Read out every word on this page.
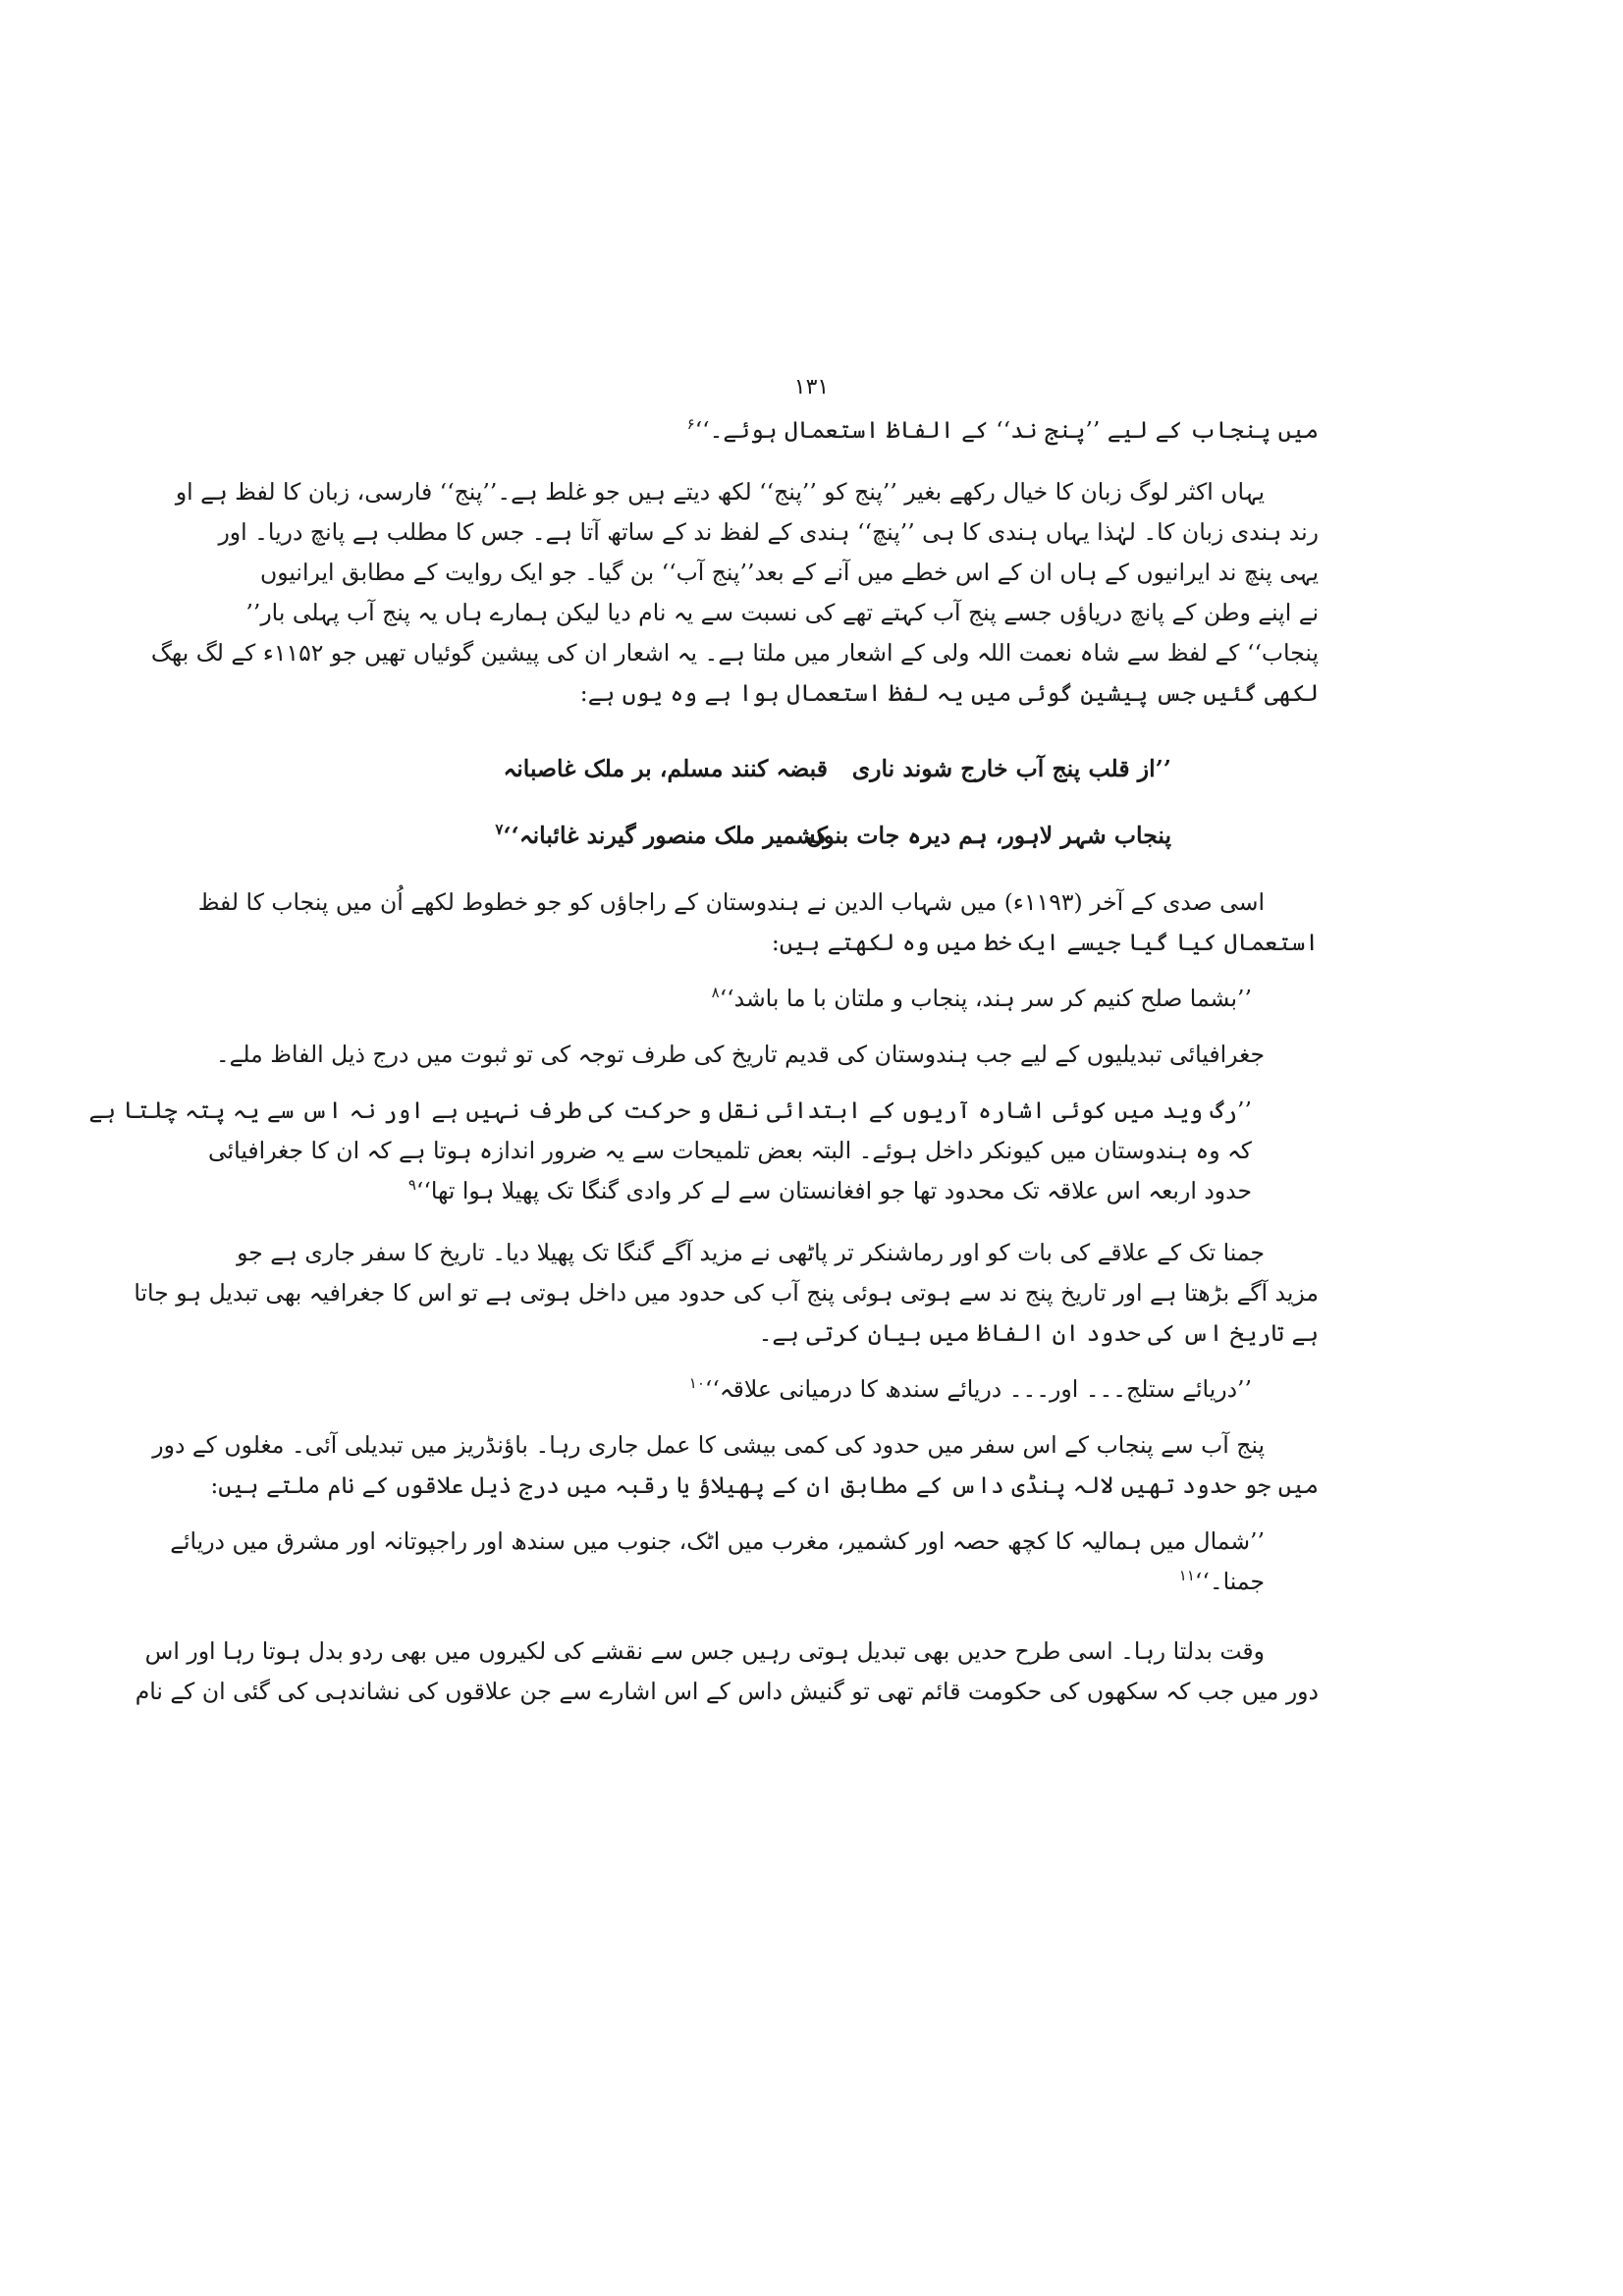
۱۳۱
میں پنجاب کے لیے ’’پنج ند‘‘ کے الفاظ استعمال ہوئے۔‘‘$^۶$
یہاں اکثر لوگ زبان کا خیال رکھے بغیر ’’پنج کو ’’پنج‘‘ لکھ دیتے ہیں جو غلط ہے۔’’پنج‘‘ فارسی، زبان کا لفظ ہے او
رند ہندی زبان کا۔ لہٰذا یہاں ہندی کا ہی ’’پنچ‘‘ ہندی کے لفظ ند کے ساتھ آتا ہے۔ جس کا مطلب ہے پانچ دریا۔ اور
یہی پنچ ند ایرانیوں کے ہاں ان کے اس خطے میں آنے کے بعد’’پنج آب‘‘ بن گیا۔ جو ایک روایت کے مطابق ایرانیوں
نے اپنے وطن کے پانچ دریاؤں جسے پنج آب کہتے تھے کی نسبت سے یہ نام دیا لیکن ہمارے ہاں یہ پنج آب پہلی بار’’
پنجاب‘‘ کے لفظ سے شاہ نعمت اللہ ولی کے اشعار میں ملتا ہے۔ یہ اشعار ان کی پیشین گوئیاں تھیں جو ۱۱۵۲ء کے لگ بھگ
لکھی گئیں جس پیشین گوئی میں یہ لفظ استعمال ہوا ہے وہ یوں ہے:
’’از قلب پنج آب خارج شوند ناری
قبضہ کنند مسلم، بر ملک غاصبانہ
پنجاب شہر لاہور، ہم دیرہ جات بنوں
کشمیر ملک منصور گیرند غائبانہ‘‘$^۷$
اسی صدی کے آخر (۱۱۹۳ء) میں شہاب الدین نے ہندوستان کے راجاؤں کو جو خطوط لکھے اُن میں پنجاب کا لفظ
استعمال کیا گیا جیسے ایک خط میں وہ لکھتے ہیں:
’’بشما صلح کنیم کر سر ہند، پنجاب و ملتان با ما باشد‘‘$^۸$
جغرافیائی تبدیلیوں کے لیے جب ہندوستان کی قدیم تاریخ کی طرف توجہ کی تو ثبوت میں درج ذیل الفاظ ملے۔
’’رگ وید میں کوئی اشارہ آریوں کے ابتدائی نقل و حرکت کی طرف نہیں ہے اور نہ اس سے یہ پتہ چلتا ہے
کہ وہ ہندوستان میں کیونکر داخل ہوئے۔ البتہ بعض تلمیحات سے یہ ضرور اندازہ ہوتا ہے کہ ان کا جغرافیائی
حدود اربعہ اس علاقہ تک محدود تھا جو افغانستان سے لے کر وادی گنگا تک پھیلا ہوا تھا‘‘$^۹$
جمنا تک کے علاقے کی بات کو اور رماشنکر تر پاٹھی نے مزید آگے گنگا تک پھیلا دیا۔ تاریخ کا سفر جاری ہے جو
مزید آگے بڑھتا ہے اور تاریخ پنج ند سے ہوتی ہوئی پنج آب کی حدود میں داخل ہوتی ہے تو اس کا جغرافیہ بھی تبدیل ہو جاتا
ہے تاریخ اس کی حدود ان الفاظ میں بیان کرتی ہے۔
’’دریائے ستلج۔۔۔ اور۔۔۔ دریائے سندھ کا درمیانی علاقہ‘‘$^{۱۰}$
پنج آب سے پنجاب کے اس سفر میں حدود کی کمی بیشی کا عمل جاری رہا۔ باؤنڈریز میں تبدیلی آئی۔ مغلوں کے دور
میں جو حدود تھیں لالہ پنڈی داس کے مطابق ان کے پھیلاؤ یا رقبہ میں درج ذیل علاقوں کے نام ملتے ہیں:
’’شمال میں ہمالیہ کا کچھ حصہ اور کشمیر، مغرب میں اٹک، جنوب میں سندھ اور راجپوتانہ اور مشرق میں دریائے
جمنا۔‘‘$^{۱۱}$
وقت بدلتا رہا۔ اسی طرح حدیں بھی تبدیل ہوتی رہیں جس سے نقشے کی لکیروں میں بھی ردو بدل ہوتا رہا اور اس
دور میں جب کہ سکھوں کی حکومت قائم تھی تو گنیش داس کے اس اشارے سے جن علاقوں کی نشاندہی کی گئی ان کے نام
